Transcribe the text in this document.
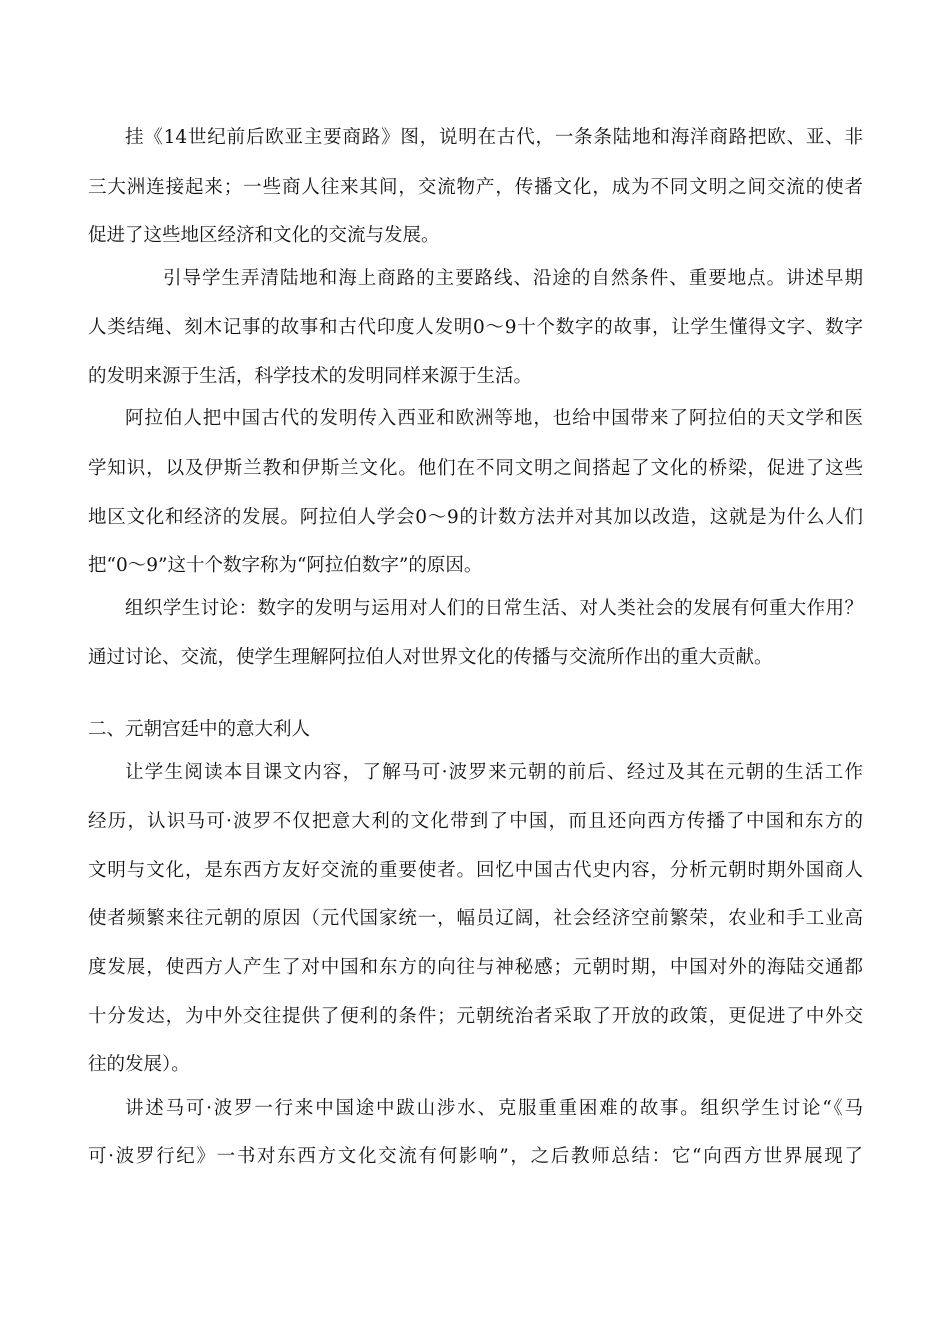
挂《14世纪前后欧亚主要商路》图，说明在古代，一条条陆地和海洋商路把欧、亚、非
三大洲连接起来；一些商人往来其间，交流物产，传播文化，成为不同文明之间交流的使者
促进了这些地区经济和文化的交流与发展。
引导学生弄清陆地和海上商路的主要路线、沿途的自然条件、重要地点。讲述早期
人类结绳、刻木记事的故事和古代印度人发明0～9十个数字的故事，让学生懂得文字、数字
的发明来源于生活，科学技术的发明同样来源于生活。
阿拉伯人把中国古代的发明传入西亚和欧洲等地，也给中国带来了阿拉伯的天文学和医
学知识，以及伊斯兰教和伊斯兰文化。他们在不同文明之间搭起了文化的桥梁，促进了这些
地区文化和经济的发展。阿拉伯人学会0～9的计数方法并对其加以改造，这就是为什么人们
把“0～9”这十个数字称为“阿拉伯数字”的原因。
组织学生讨论：数字的发明与运用对人们的日常生活、对人类社会的发展有何重大作用？
通过讨论、交流，使学生理解阿拉伯人对世界文化的传播与交流所作出的重大贡献。
二、元朝宫廷中的意大利人
让学生阅读本目课文内容，了解马可·波罗来元朝的前后、经过及其在元朝的生活工作
经历，认识马可·波罗不仅把意大利的文化带到了中国，而且还向西方传播了中国和东方的
文明与文化，是东西方友好交流的重要使者。回忆中国古代史内容，分析元朝时期外国商人
使者频繁来往元朝的原因（元代国家统一，幅员辽阔，社会经济空前繁荣，农业和手工业高
度发展，使西方人产生了对中国和东方的向往与神秘感；元朝时期，中国对外的海陆交通都
十分发达，为中外交往提供了便利的条件；元朝统治者采取了开放的政策，更促进了中外交
往的发展）。
讲述马可·波罗一行来中国途中跋山涉水、克服重重困难的故事。组织学生讨论“《马
可·波罗行纪》一书对东西方文化交流有何影响”，之后教师总结：它“向西方世界展现了
